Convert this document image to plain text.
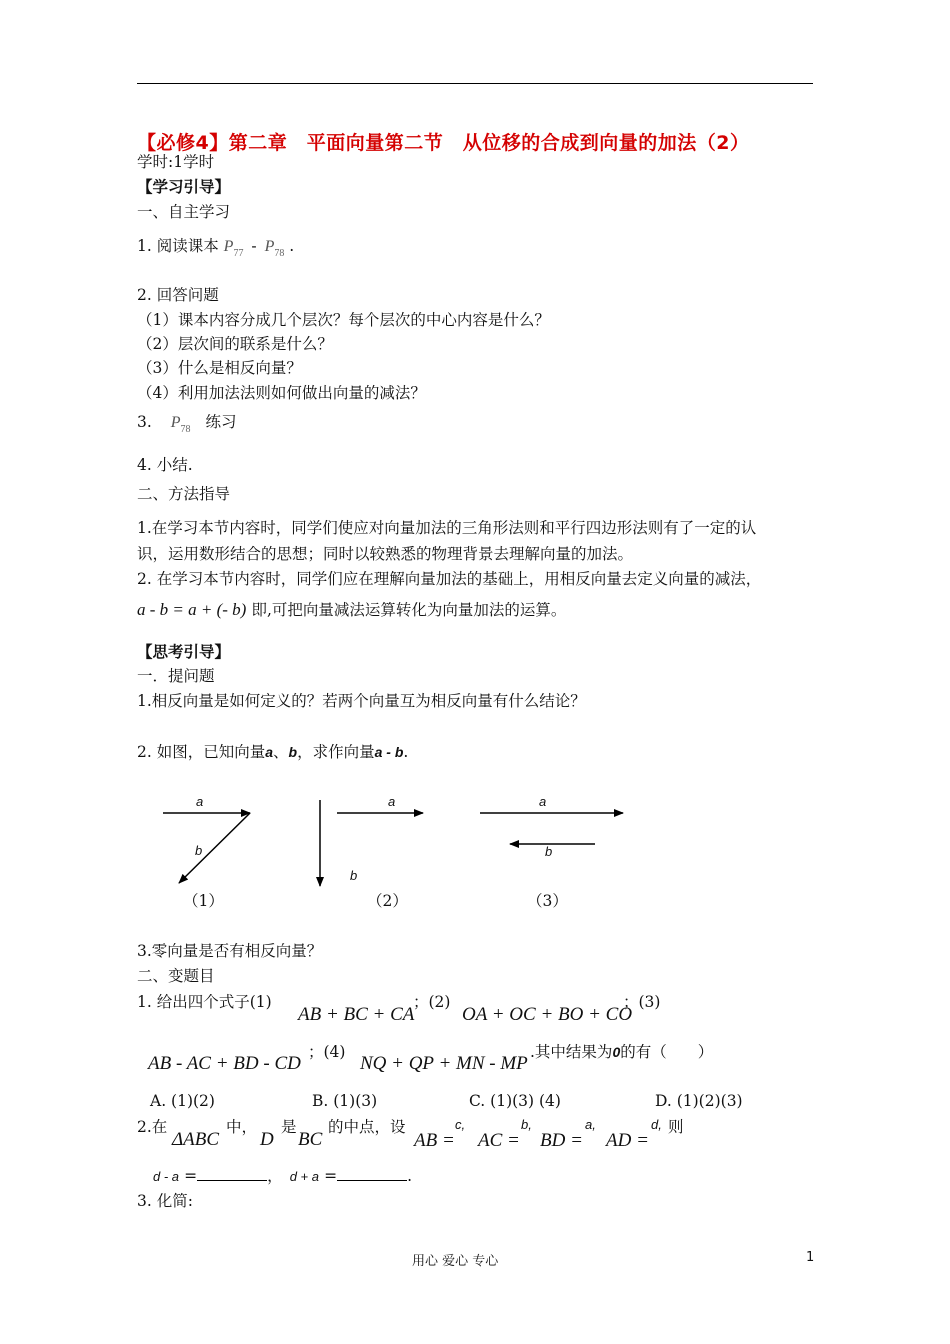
【必修4】第二章　平面向量第二节　从位移的合成到向量的加法（2）
学时:1学时
【学习引导】
一、自主学习
1. 阅读课本 $P_{77} - P_{78}$ .
2. 回答问题
（1）课本内容分成几个层次？每个层次的中心内容是什么？
（2）层次间的联系是什么？
（3）什么是相反向量？
（4）利用加法法则如何做出向量的减法？
3. $P_{78}$ 练习
4. 小结.
二、方法指导
1.在学习本节内容时，同学们使应对向量加法的三角形法则和平行四边形法则有了一定的认
识，运用数形结合的思想；同时以较熟悉的物理背景去理解向量的加法。
2. 在学习本节内容时，同学们应在理解向量加法的基础上，用相反向量去定义向量的减法，
a - b = a + (- b) 即,可把向量减法运算转化为向量加法的运算。
【思考引导】
一．提问题
1.相反向量是如何定义的？若两个向量互为相反向量有什么结论？
2. 如图，已知向量a、b，求作向量a - b.
a
b
（1）
a
b
（2）
a
b
（3）
3.零向量是否有相反向量？
二、变题目
1. 给出四个式子(1)
AB + BC + CA
；(2)
OA + OC + BO + CO
；(3)
AB - AC + BD - CD
；(4)
NQ + QP + MN - MP
.其中结果为0的有（　　）
A. (1)(2)	B. (1)(3)	C. (1)(3) (4)	D. (1)(2)(3)
2.在
ΔABC
中，
D
是
BC
的中点，设
AB =
c,
AC =
b,
BD =
a,
AD =
d, 则
d - a =	， d + a =	.
3. 化简:
用心 爱心 专心	1
